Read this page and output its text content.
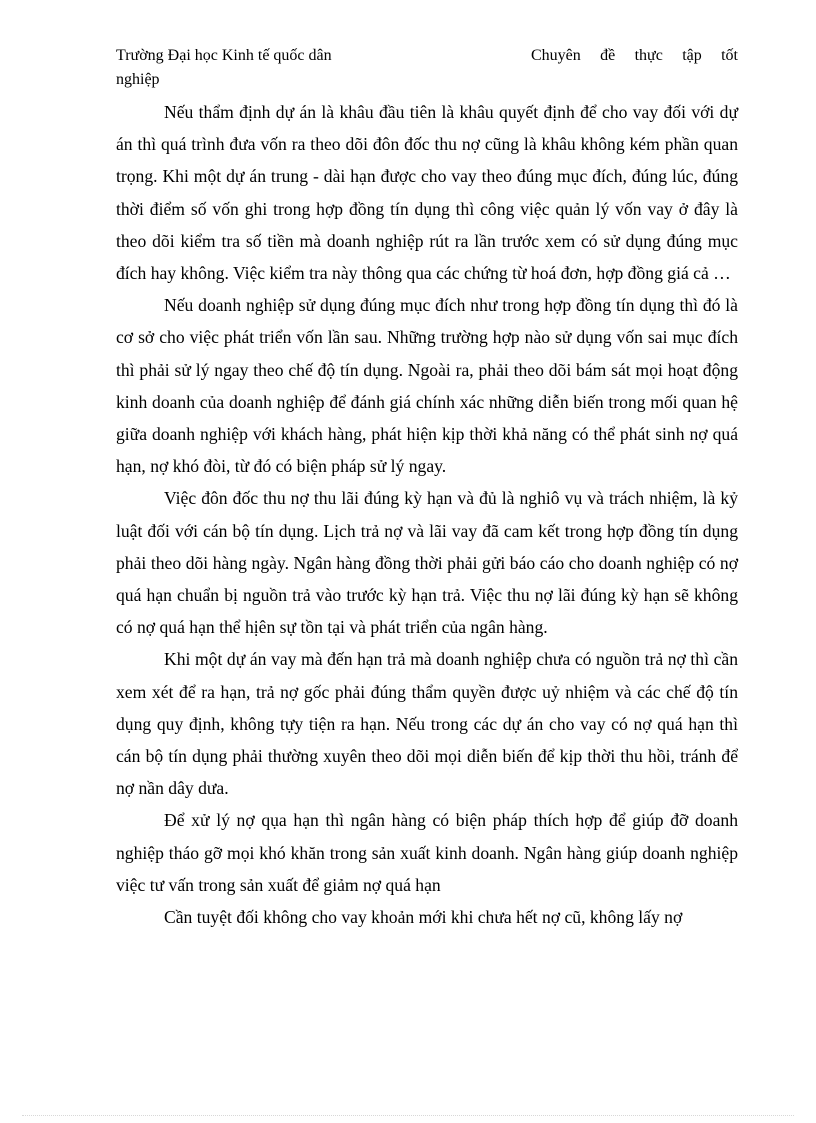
Trường Đại học Kinh tế quốc dân	Chuyên đề thực tập tốt
nghiệp

Nếu thẩm định dự án là khâu đầu tiên là khâu quyết định để cho vay đối với dự án thì quá trình đưa vốn ra theo dõi đôn đốc thu nợ cũng là khâu không kém phần quan trọng. Khi một dự án trung - dài hạn được cho vay theo đúng mục đích, đúng lúc, đúng thời điểm số vốn ghi trong hợp đồng tín dụng thì công việc quản lý vốn vay ở đây là theo dõi kiểm tra số tiền mà doanh nghiệp rút ra lần trước xem có sử dụng đúng mục đích hay không. Việc kiểm tra này thông qua các chứng từ hoá đơn, hợp đồng giá cả …

Nếu doanh nghiệp sử dụng đúng mục đích như trong hợp đồng tín dụng thì đó là cơ sở cho việc phát triển vốn lần sau. Những trường hợp nào sử dụng vốn sai mục đích thì phải sử lý ngay theo chế độ tín dụng. Ngoài ra, phải theo dõi bám sát mọi hoạt động kinh doanh của doanh nghiệp để đánh giá chính xác những diễn biến trong mối quan hệ giữa doanh nghiệp với khách hàng, phát hiện kịp thời khả năng có thể phát sinh nợ quá hạn, nợ khó đòi, từ đó có biện pháp sử lý ngay.

Việc đôn đốc thu nợ thu lãi đúng kỳ hạn và đủ là nghiô vụ và trách nhiệm, là kỷ luật đối với cán bộ tín dụng. Lịch trả nợ và lãi vay đã cam kết trong hợp đồng tín dụng phải theo dõi hàng ngày. Ngân hàng đồng thời phải gửi báo cáo cho doanh nghiệp có nợ quá hạn chuẩn bị nguồn trả vào trước kỳ hạn trả. Việc thu nợ lãi đúng kỳ hạn sẽ không có nợ quá hạn thể hịên sự tồn tại và phát triển của ngân hàng.

Khi một dự án vay mà đến hạn trả mà doanh nghiệp chưa có nguồn trả nợ thì cần xem xét để ra hạn, trả nợ gốc phải đúng thẩm quyền được uỷ nhiệm và các chế độ tín dụng quy định, không tựy tiện ra hạn. Nếu trong các dự án cho vay có nợ quá hạn thì cán bộ tín dụng phải thường xuyên theo dõi mọi diễn biến để kịp thời thu hồi, tránh để nợ nần dây dưa.

Để xử lý nợ qụa hạn thì ngân hàng có biện pháp thích hợp để giúp đỡ doanh nghiệp tháo gỡ mọi khó khăn trong sản xuất kinh doanh. Ngân hàng giúp doanh nghiệp việc tư vấn trong sản xuất để giảm nợ quá hạn

Cần tuyệt đối không cho vay khoản mới khi chưa hết nợ cũ, không lấy nợ
